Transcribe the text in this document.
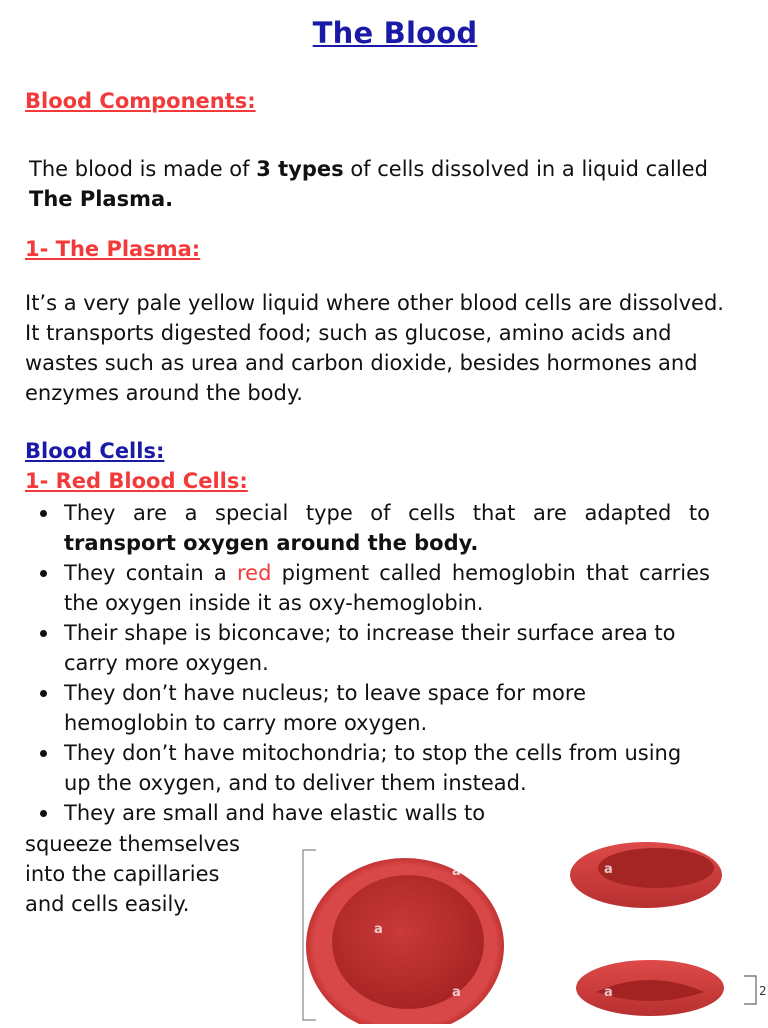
The Blood
Blood Components:
The blood is made of 3 types of cells dissolved in a liquid called The Plasma.
1- The Plasma:
It’s a very pale yellow liquid where other blood cells are dissolved. It transports digested food; such as glucose, amino acids and wastes such as urea and carbon dioxide, besides hormones and enzymes around the body.
Blood Cells:
1- Red Blood Cells:
They are a special type of cells that are adapted to transport oxygen around the body.
They contain a red pigment called hemoglobin that carries the oxygen inside it as oxy-hemoglobin.
Their shape is biconcave; to increase their surface area to carry more oxygen.
They don’t have nucleus; to leave space for more hemoglobin to carry more oxygen.
They don’t have mitochondria; to stop the cells from using up the oxygen, and to deliver them instead.
They are small and have elastic walls to
squeeze themselves
into the capillaries
and cells easily.
a
a	a
a
a	al
a	2
